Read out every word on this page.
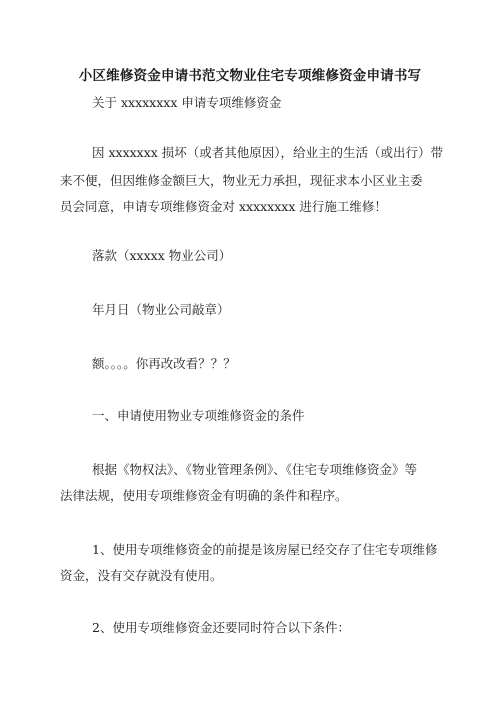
小区维修资金申请书范文物业住宅专项维修资金申请书写
关于 xxxxxxxx 申请专项维修资金
因 xxxxxxx 损坏（或者其他原因），给业主的生活（或出行）带
来不便，但因维修金额巨大，物业无力承担，现征求本小区业主委
员会同意，申请专项维修资金对 xxxxxxxx 进行施工维修！
落款（xxxxx 物业公司）
年月日（物业公司敲章）
额。。。。你再改改看？？？
一、申请使用物业专项维修资金的条件
根据《物权法》、《物业管理条例》、《住宅专项维修资金》等
法律法规，使用专项维修资金有明确的条件和程序。
1、使用专项维修资金的前提是该房屋已经交存了住宅专项维修
资金，没有交存就没有使用。
2、使用专项维修资金还要同时符合以下条件：
